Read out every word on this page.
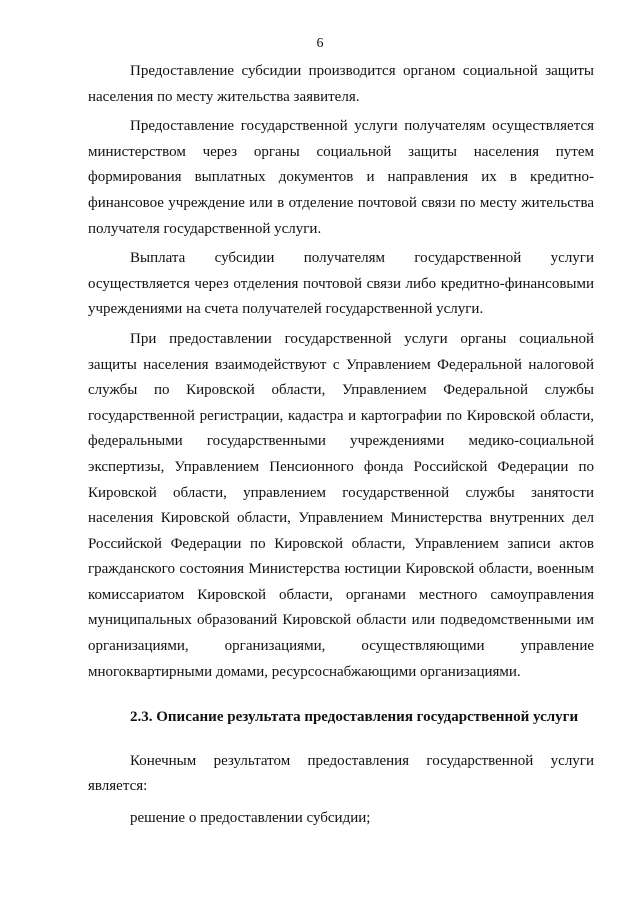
6

Предоставление субсидии производится органом социальной защиты населения по месту жительства заявителя.

Предоставление государственной услуги получателям осуществляется министерством через органы социальной защиты населения путем формирования выплатных документов и направления их в кредитно-финансовое учреждение или в отделение почтовой связи по месту жительства получателя государственной услуги.

Выплата субсидии получателям государственной услуги осуществляется через отделения почтовой связи либо кредитно-финансовыми учреждениями на счета получателей государственной услуги.

При предоставлении государственной услуги органы социальной защиты населения взаимодействуют с Управлением Федеральной налоговой службы по Кировской области, Управлением Федеральной службы государственной регистрации, кадастра и картографии по Кировской области, федеральными государственными учреждениями медико-социальной экспертизы, Управлением Пенсионного фонда Российской Федерации по Кировской области, управлением государственной службы занятости населения Кировской области, Управлением Министерства внутренних дел Российской Федерации по Кировской области, Управлением записи актов гражданского состояния Министерства юстиции Кировской области, военным комиссариатом Кировской области, органами местного самоуправления муниципальных образований Кировской области или подведомственными им организациями, организациями, осуществляющими управление многоквартирными домами, ресурсоснабжающими организациями.

2.3. Описание результата предоставления государственной услуги

Конечным результатом предоставления государственной услуги является:

решение о предоставлении субсидии;
